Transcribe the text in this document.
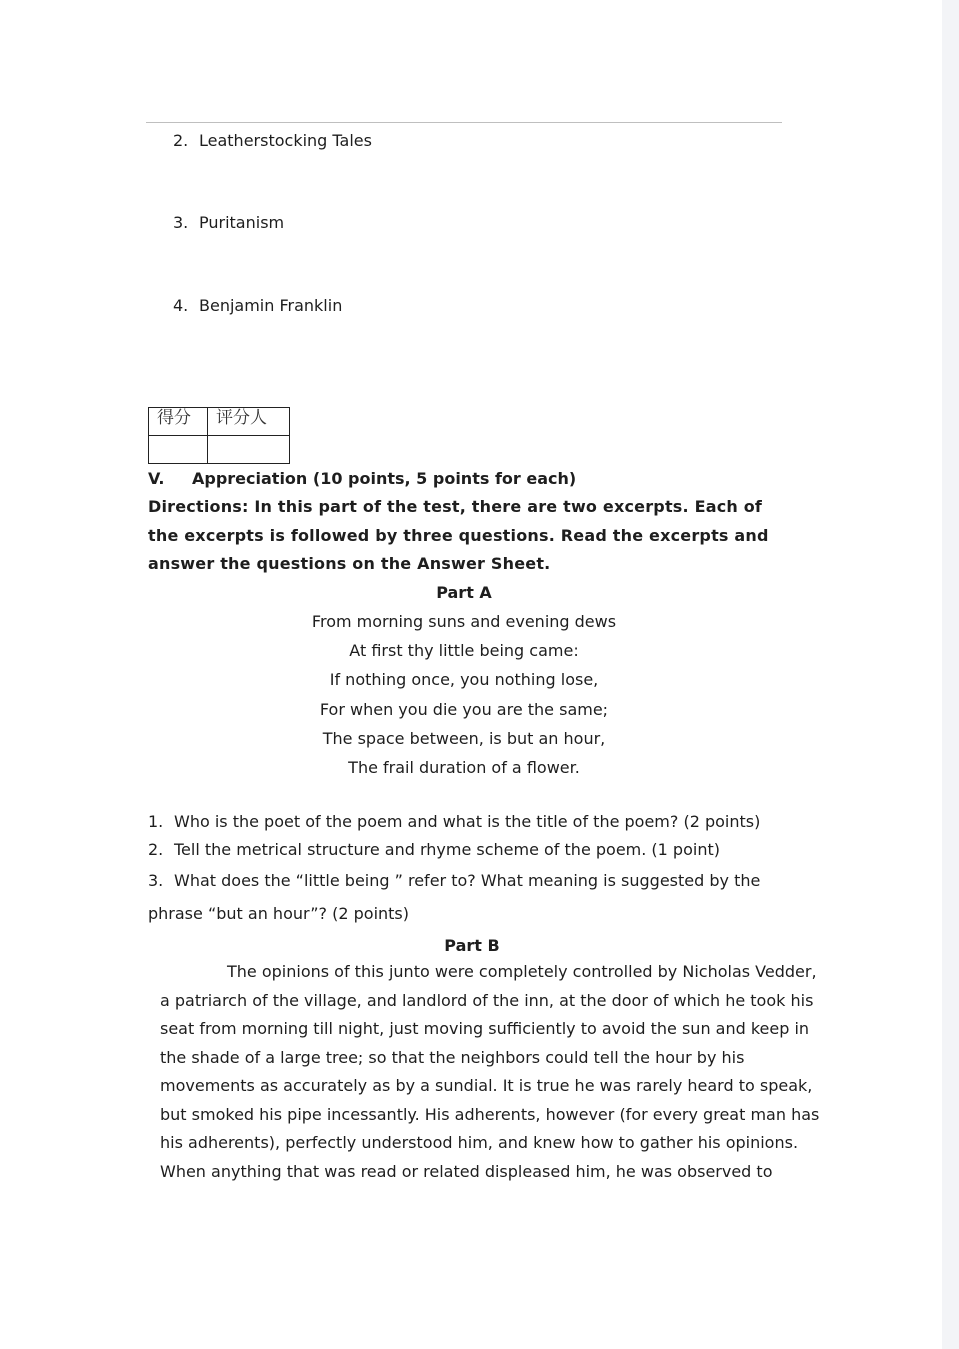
2. Leatherstocking Tales
3. Puritanism
4. Benjamin Franklin
得分	评分人

V. Appreciation (10 points, 5 points for each)
Directions: In this part of the test, there are two excerpts. Each of the excerpts is followed by three questions. Read the excerpts and answer the questions on the Answer Sheet.
Part A
From morning suns and evening dews
At first thy little being came:
If nothing once, you nothing lose,
For when you die you are the same;
The space between, is but an hour,
The frail duration of a flower.
1. Who is the poet of the poem and what is the title of the poem? (2 points)
2. Tell the metrical structure and rhyme scheme of the poem. (1 point)
3. What does the “little being ” refer to? What meaning is suggested by the
phrase “but an hour”? (2 points)
Part B
The opinions of this junto were completely controlled by Nicholas Vedder,
a patriarch of the village, and landlord of the inn, at the door of which he took his
seat from morning till night, just moving sufficiently to avoid the sun and keep in
the shade of a large tree; so that the neighbors could tell the hour by his
movements as accurately as by a sundial. It is true he was rarely heard to speak,
but smoked his pipe incessantly. His adherents, however (for every great man has
his adherents), perfectly understood him, and knew how to gather his opinions.
When anything that was read or related displeased him, he was observed to
